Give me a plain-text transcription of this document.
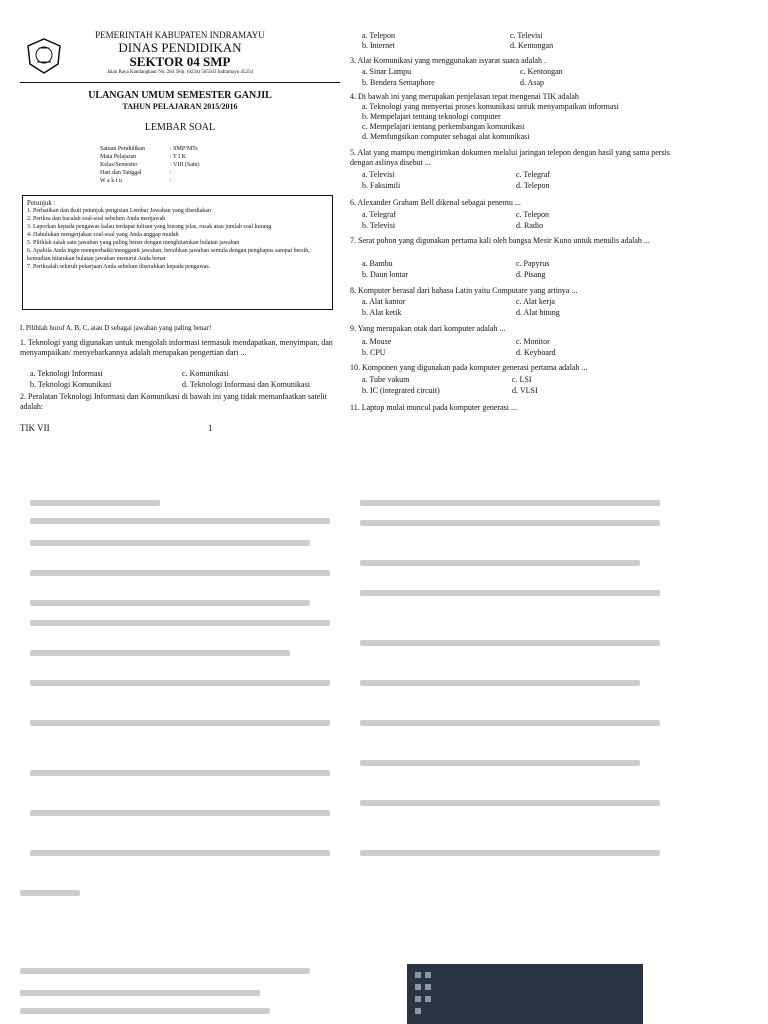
PEMERINTAH KABUPATEN INDRAMAYU
DINAS PENDIDIKAN
SEKTOR 04 SMP
Jalan Raya Kandanghaur No. 284 Telp. (0234) 505503 Indramayu 45254
ULANGAN UMUM SEMESTER GANJIL
TAHUN PELAJARAN 2015/2016
LEMBAR SOAL
Satuan Pendidikan	: SMP/MTs
Mata Pelajaran	: T I K
Kelas/Semester	: VIII (Satu)
Hari dan Tanggal	:
W a k t u	:
Petunjuk :
1. Perhatikan dan ikuti petunjuk pengisian Lembar Jawaban yang disediakan
2. Periksa dan bacalah soal-soal sebelum Anda menjawab
3. Laporkan kepada pengawas kalau terdapat tulisan yang kurang jelas, rusak atau jumlah soal kurang
4. Dahulukan mengerjakan soal-soal yang Anda anggap mudah
5. Pilihlah salah satu jawaban yang paling benar dengan menghitamkan bulatan jawaban
6. Apabila Anda ingin memperbaiki/mengganti jawaban, bersihkan jawaban semula dengan penghapus sampai bersih, kemudian hitamkan bulatan jawaban menurut Anda benar
7. Periksalah seluruh pekerjaan Anda sebelum diserahkan kepada pengawas.
I. Pilihlah huruf A, B, C, atau D sebagai jawaban yang paling benar!
1. Teknologi yang digunakan untuk mengolah informasi termasuk mendapatkan, menyimpan, dan menyampaikan/ menyebarkannya adalah merupakan pengertian dari ...
a. Teknologi Informasi	c. Komunikasi
b. Teknologi Komunikasi	d. Teknologi Informasi dan Komunikasi
2. Peralatan Teknologi Informasi dan Komunikasi di bawah ini yang tidak memanfaatkan satelit adalah:
a. Telepon	c. Televisi
b. Internet	d. Kentongan
3. Alat Komunikasi yang menggunakan isyarat suara adalah .
a. Sinar Lampu	c. Kentongan
b. Bendera Semaphore	d. Asap
4. Di bawah ini yang merupakan penjelasan tepat mengenai TIK adalah
a. Teknologi yang menyertai proses komunikasi untuk menyampaikan informasi
b. Mempelajari tentang teknologi computer
c. Mempelajari tentang perkembangan komunikasi
d. Memfungsikan computer sebagai alat komunikasi
5. Alat yang mampu mengirimkan dokumen melalui jaringan telepon dengan hasil yang sama persis dengan aslinya disebut ...
a. Televisi	c. Telegraf
b. Faksimili	d. Telepon
6. Alexander Graham Bell dikenal sebagai penemu ...
a. Telegraf	c. Telepon
b. Televisi	d. Radio
7. Serat pohon yang digunakan pertama kali oleh bangsa Mesir Kuno untuk menulis adalah ...
a. Bambu	c. Papyrus
b. Daun lontar	d. Pisang
8. Komputer berasal dari bahasa Latin yaitu Computare yang artinya ...
a. Alat kantor	c. Alat kerja
b. Alat ketik	d. Alat hitung
9. Yang merupakan otak dari komputer adalah ...
a. Mouse	c. Monitor
b. CPU	d. Keyboard
10. Komponen yang digunakan pada komputer generasi pertama adalah ...
a. Tube vakum	c. LSI
b. IC (integrated circuit)	d. VLSI
11. Laptop mulai muncul pada komputer generasi ...
TIK VII	1
